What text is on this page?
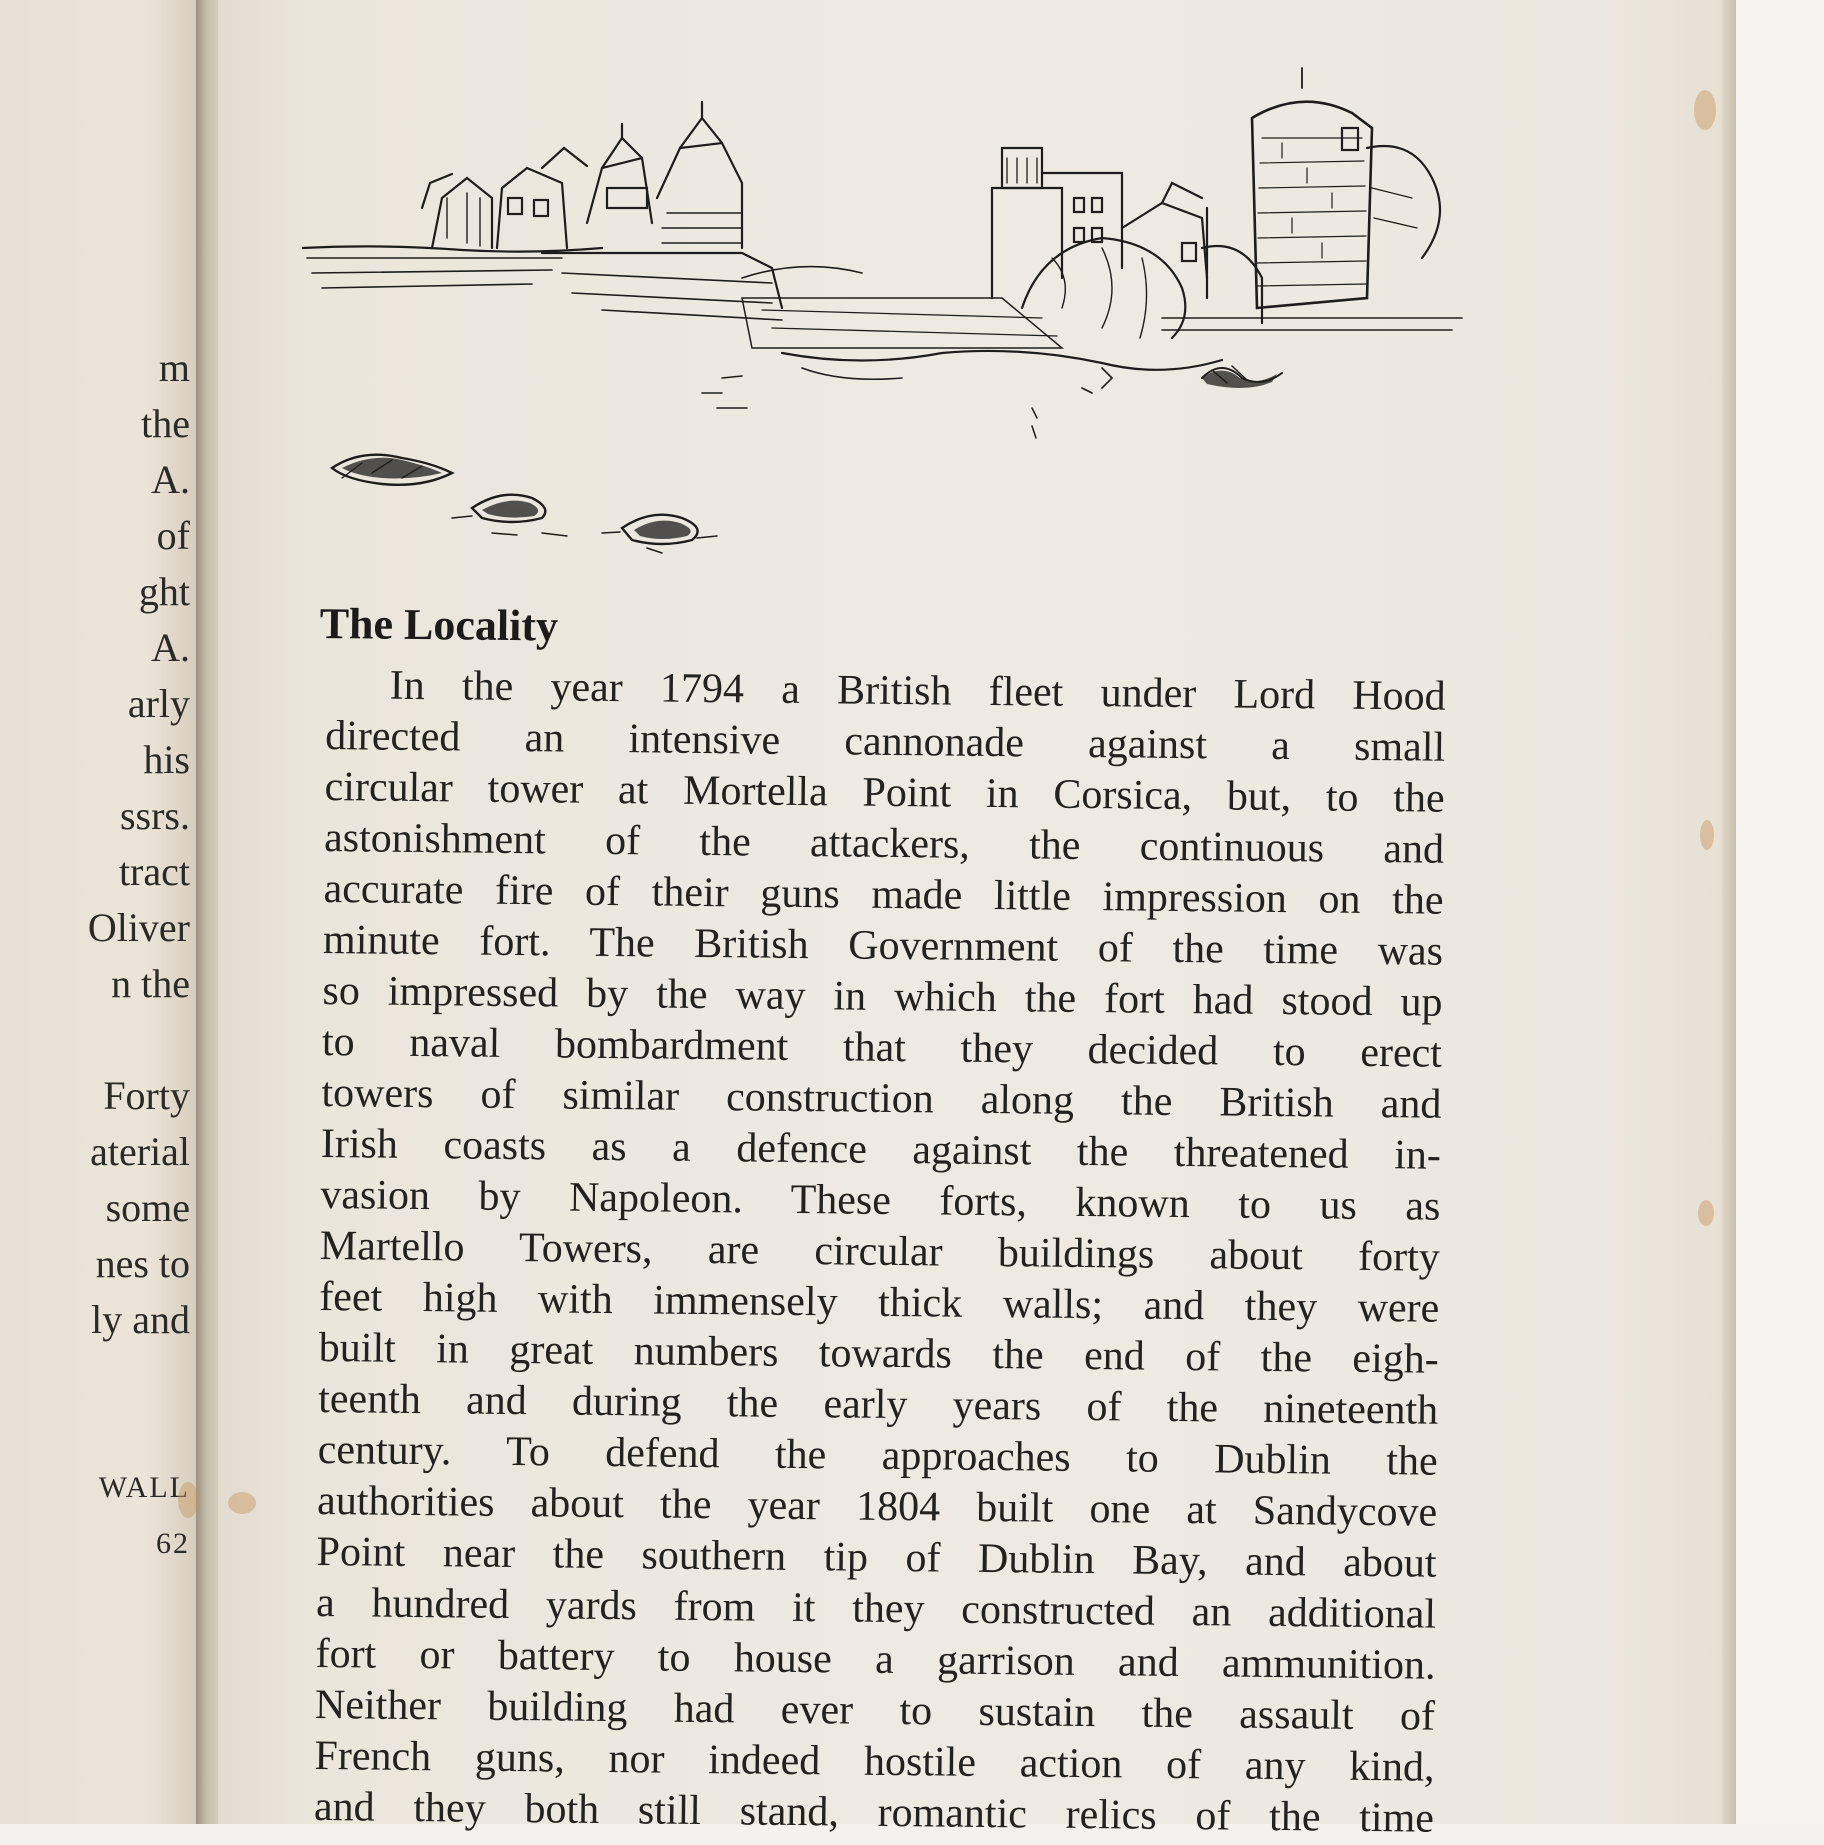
m
the
A.
of
ght
A.
arly
his
ssrs.
tract
Oliver
n the
Forty
aterial
some
nes to
ly and
WALL
62
The Locality
In the year 1794 a British fleet under Lord Hood
directed an intensive cannonade against a small
circular tower at Mortella Point in Corsica, but, to the
astonishment of the attackers, the continuous and
accurate fire of their guns made little impression on the
minute fort. The British Government of the time was
so impressed by the way in which the fort had stood up
to naval bombardment that they decided to erect
towers of similar construction along the British and
Irish coasts as a defence against the threatened in-
vasion by Napoleon. These forts, known to us as
Martello Towers, are circular buildings about forty
feet high with immensely thick walls; and they were
built in great numbers towards the end of the eigh-
teenth and during the early years of the nineteenth
century. To defend the approaches to Dublin the
authorities about the year 1804 built one at Sandycove
Point near the southern tip of Dublin Bay, and about
a hundred yards from it they constructed an additional
fort or battery to house a garrison and ammunition.
Neither building had ever to sustain the assault of
French guns, nor indeed hostile action of any kind,
and they both still stand, romantic relics of the time
